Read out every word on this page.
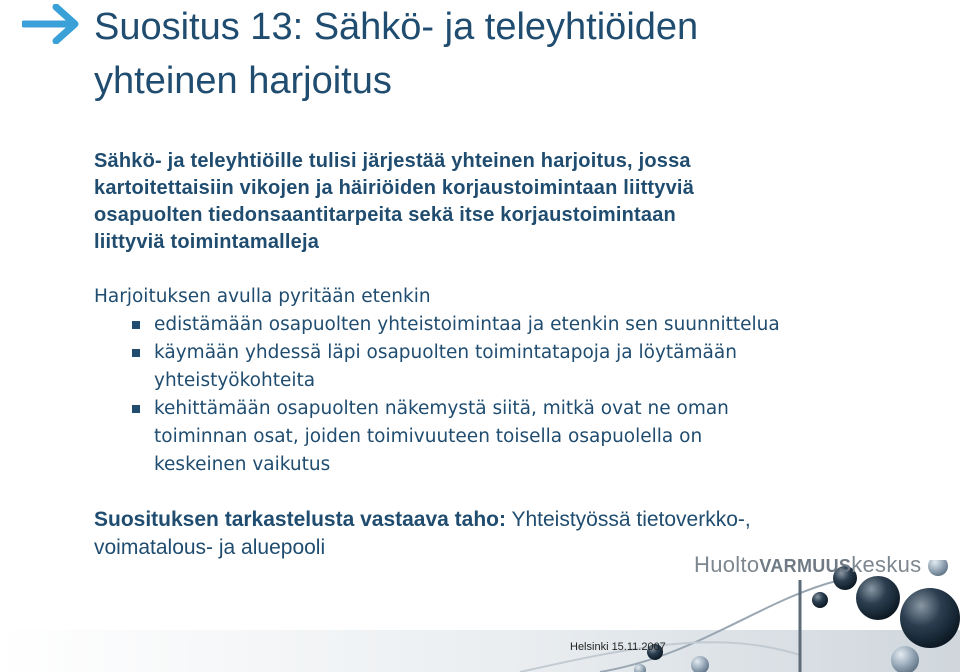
Suositus 13: Sähkö- ja teleyhtiöiden
yhteinen harjoitus
Sähkö- ja teleyhtiöille tulisi järjestää yhteinen harjoitus, jossa
kartoitettaisiin vikojen ja häiriöiden korjaustoimintaan liittyviä
osapuolten tiedonsaantitarpeita sekä itse korjaustoimintaan
liittyviä toimintamalleja
Harjoituksen avulla pyritään etenkin
edistämään osapuolten yhteistoimintaa ja etenkin sen suunnittelua
käymään yhdessä läpi osapuolten toimintatapoja ja löytämään
yhteistyökohteita
kehittämään osapuolten näkemystä siitä, mitkä ovat ne oman
toiminnan osat, joiden toimivuuteen toisella osapuolella on
keskeinen vaikutus
Suosituksen tarkastelusta vastaava taho: Yhteistyössä tietoverkko-,
voimatalous- ja aluepooli
HuoltoVARMUUSkeskus
Helsinki 15.11.2007
